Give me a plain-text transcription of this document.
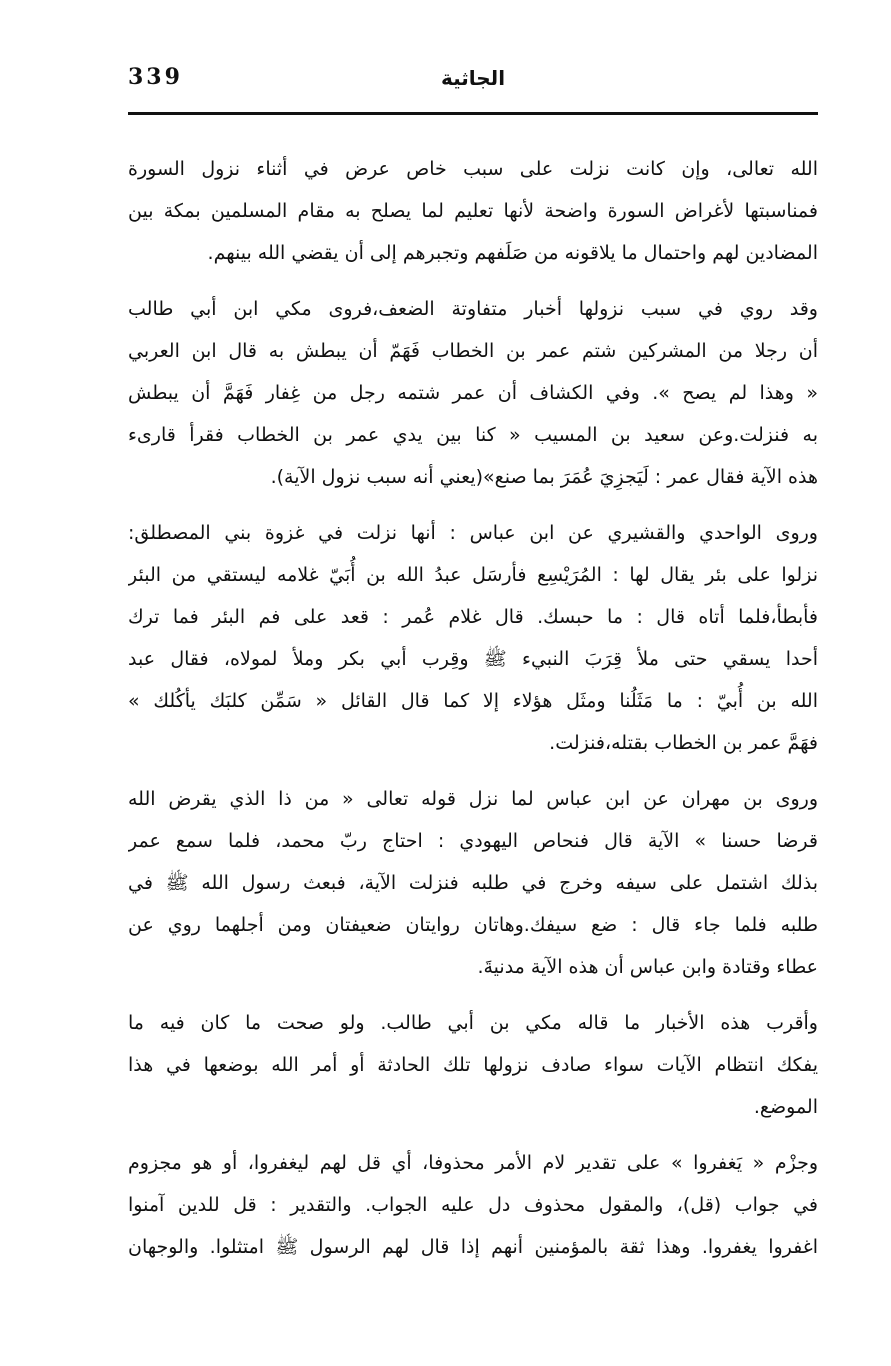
339	الجاثية
الله تعالى، وإن كانت نزلت على سبب خاص عرض في أثناء نزول السورة
فمناسبتها لأغراض السورة واضحة لأنها تعليم لما يصلح به مقام المسلمين بمكة بين
المضادين لهم واحتمال ما يلاقونه من صَلَفهم وتجبرهم إلى أن يقضي الله بينهم.
وقد روي في سبب نزولها أخبار متفاوتة الضعف،فروى مكي ابن أبي طالب
أن رجلا من المشركين شتم عمر بن الخطاب فَهَمّ أن يبطش به قال ابن العربي
« وهذا لم يصح ». وفي الكشاف أن عمر شتمه رجل من غِفار فَهَمَّ أن يبطش
به فنزلت.وعن سعيد بن المسيب « كنا بين يدي عمر بن الخطاب فقرأ قارىء
هذه الآية فقال عمر : لَيَجزِيَ عُمَرَ بما صنع»(يعني أنه سبب نزول الآية).
وروى الواحدي والقشيري عن ابن عباس : أنها نزلت في غزوة بني المصطلق:
نزلوا على بئر يقال لها : المُرَيْسِع فأرسَل عبدُ الله بن أُبَيّ غلامه ليستقي من البئر
فأبطأ،فلما أتاه قال : ما حبسك. قال غلام عُمر : قعد على فم البئر فما ترك
أحدا يسقي حتى ملأ قِرَبَ النبيء ﷺ وقِرب أبي بكر وملأ لمولاه، فقال عبد
الله بن أُبيّ : ما مَثَلُنا ومثَل هؤلاء إلا كما قال القائل « سَمِّن كلبَك يأكُلك »
فهَمَّ عمر بن الخطاب بقتله،فنزلت.
وروى بن مهران عن ابن عباس لما نزل قوله تعالى « من ذا الذي يقرض الله
قرضا حسنا » الآية قال فنحاص اليهودي : احتاج ربّ محمد، فلما سمع عمر
بذلك اشتمل على سيفه وخرج في طلبه فنزلت الآية، فبعث رسول الله ﷺ في
طلبه فلما جاء قال : ضع سيفك.وهاتان روايتان ضعيفتان ومن أجلهما روي عن
عطاء وقتادة وابن عباس أن هذه الآية مدنيةَ.
وأقرب هذه الأخبار ما قاله مكي بن أبي طالب. ولو صحت ما كان فيه ما
يفكك انتظام الآيات سواء صادف نزولها تلك الحادثة أو أمر الله بوضعها في هذا
الموضع.
وجزْم « يَغفروا » على تقدير لام الأمر محذوفا، أي قل لهم ليغفروا، أو هو مجزوم
في جواب (قل)، والمقول محذوف دل عليه الجواب. والتقدير : قل للدين آمنوا
اغفروا يغفروا. وهذا ثقة بالمؤمنين أنهم إذا قال لهم الرسول ﷺ امتثلوا. والوجهان
